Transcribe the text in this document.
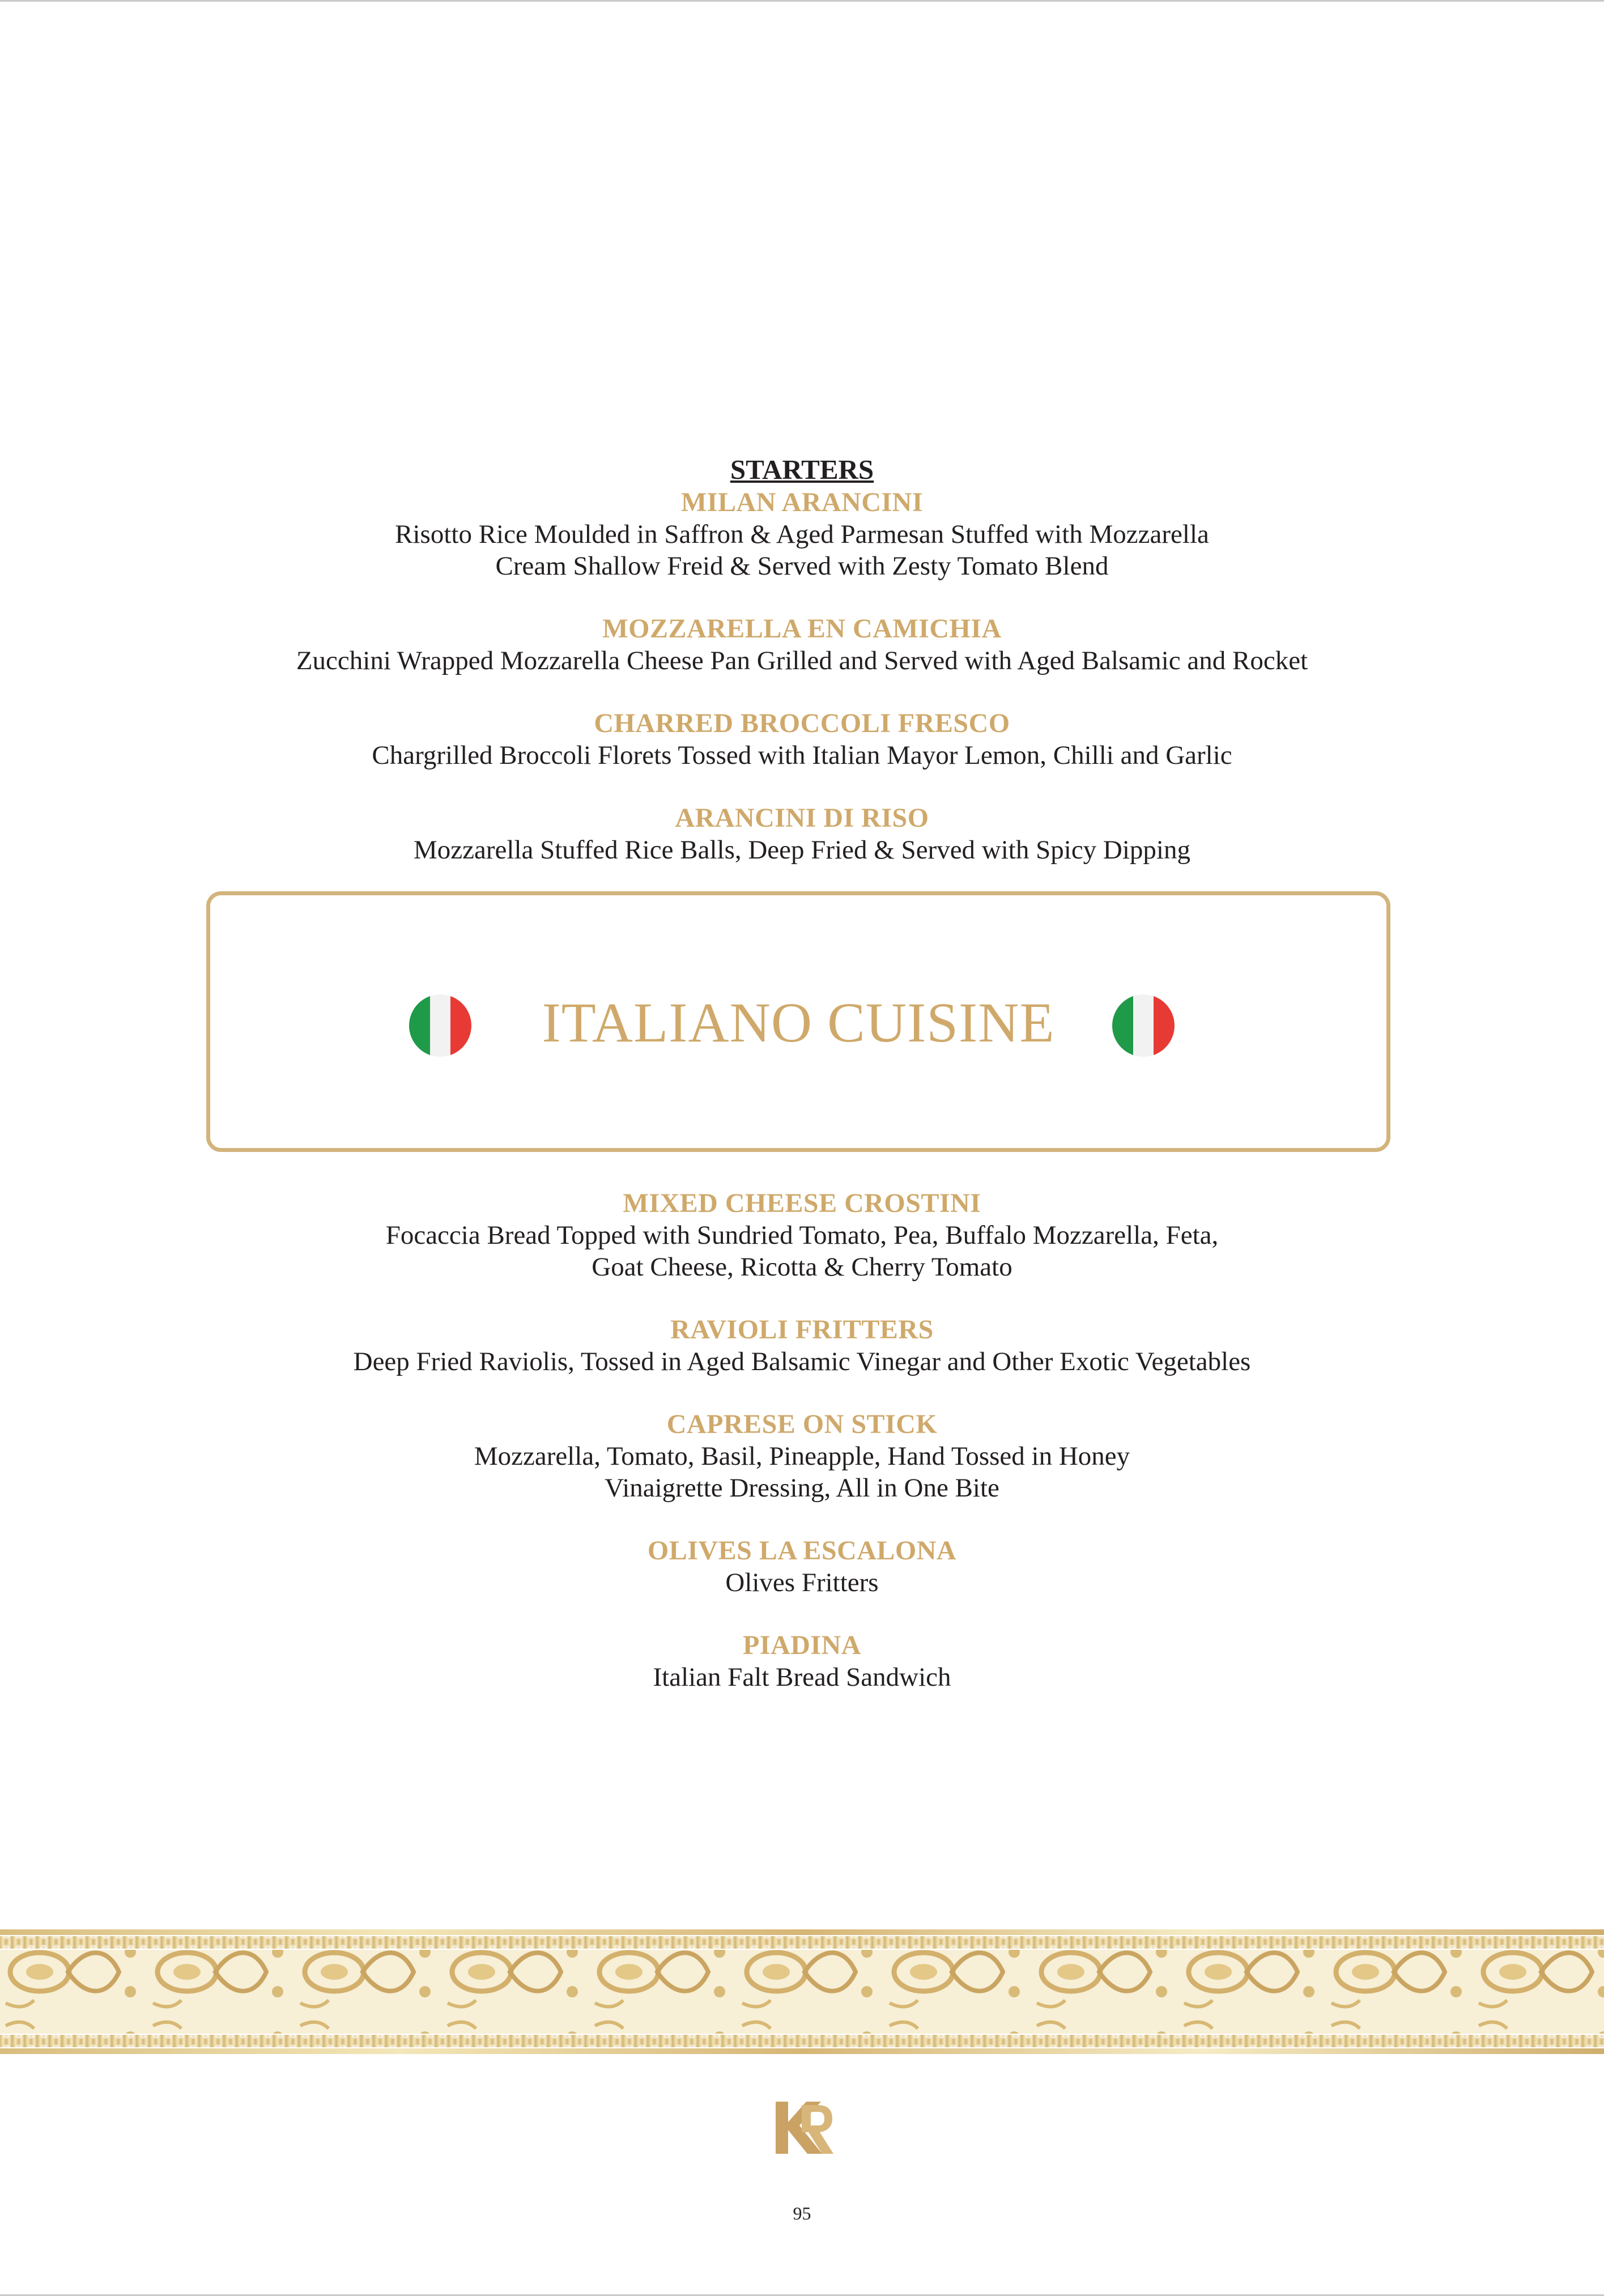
STARTERS
MILAN ARANCINI
Risotto Rice Moulded in Saffron & Aged Parmesan Stuffed with Mozzarella
Cream Shallow Freid & Served with Zesty Tomato Blend
MOZZARELLA EN CAMICHIA
Zucchini Wrapped Mozzarella Cheese Pan Grilled and Served with Aged Balsamic and Rocket
CHARRED BROCCOLI FRESCO
Chargrilled Broccoli Florets Tossed with Italian Mayor Lemon, Chilli and Garlic
ARANCINI DI RISO
Mozzarella Stuffed Rice Balls, Deep Fried & Served with Spicy Dipping
ITALIANO CUISINE
MIXED CHEESE CROSTINI
Focaccia Bread Topped with Sundried Tomato, Pea, Buffalo Mozzarella, Feta,
Goat Cheese, Ricotta & Cherry Tomato
RAVIOLI FRITTERS
Deep Fried Raviolis, Tossed in Aged Balsamic Vinegar and Other Exotic Vegetables
CAPRESE ON STICK
Mozzarella, Tomato, Basil, Pineapple, Hand Tossed in Honey
Vinaigrette Dressing, All in One Bite
OLIVES LA ESCALONA
Olives Fritters
PIADINA
Italian Falt Bread Sandwich
95
